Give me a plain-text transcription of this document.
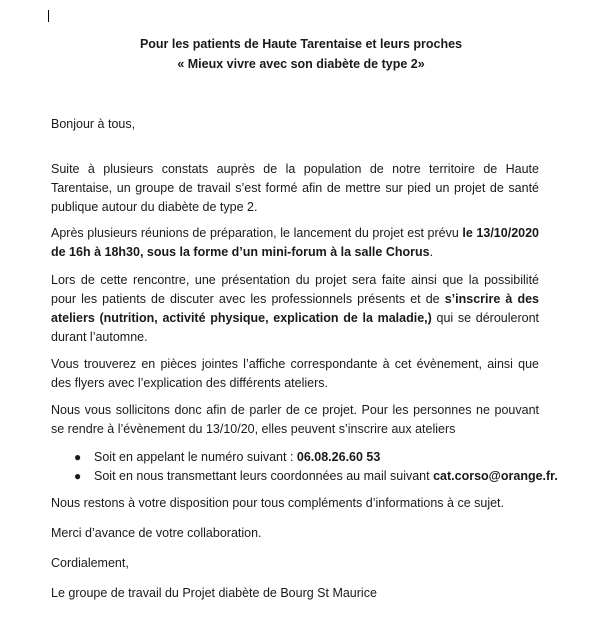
Pour les patients de Haute Tarentaise et leurs proches
« Mieux vivre avec son diabète de type 2»
Bonjour à tous,
Suite à plusieurs constats auprès de la population de notre territoire de Haute Tarentaise, un groupe de travail s’est formé afin de mettre sur pied un projet de santé publique autour du diabète de type 2.
Après plusieurs réunions de préparation, le lancement du projet est prévu le 13/10/2020 de 16h à 18h30, sous la forme d’un mini-forum à la salle Chorus.
Lors de cette rencontre, une présentation du projet sera faite ainsi que la possibilité pour les patients de discuter avec les professionnels présents et de s’inscrire à des ateliers (nutrition, activité physique, explication de la maladie,) qui se dérouleront durant l’automne.
Vous trouverez en pièces jointes l’affiche correspondante à cet évènement, ainsi que des flyers avec l’explication des différents ateliers.
Nous vous sollicitons donc afin de parler de ce projet. Pour les personnes ne pouvant se rendre à l’évènement du 13/10/20, elles peuvent s’inscrire aux ateliers
● Soit en appelant le numéro suivant : 06.08.26.60 53
● Soit en nous transmettant leurs coordonnées au mail suivant cat.corso@orange.fr.
Nous restons à votre disposition pour tous compléments d’informations à ce sujet.
Merci d’avance de votre collaboration.
Cordialement,
Le groupe de travail du Projet diabète de Bourg St Maurice
